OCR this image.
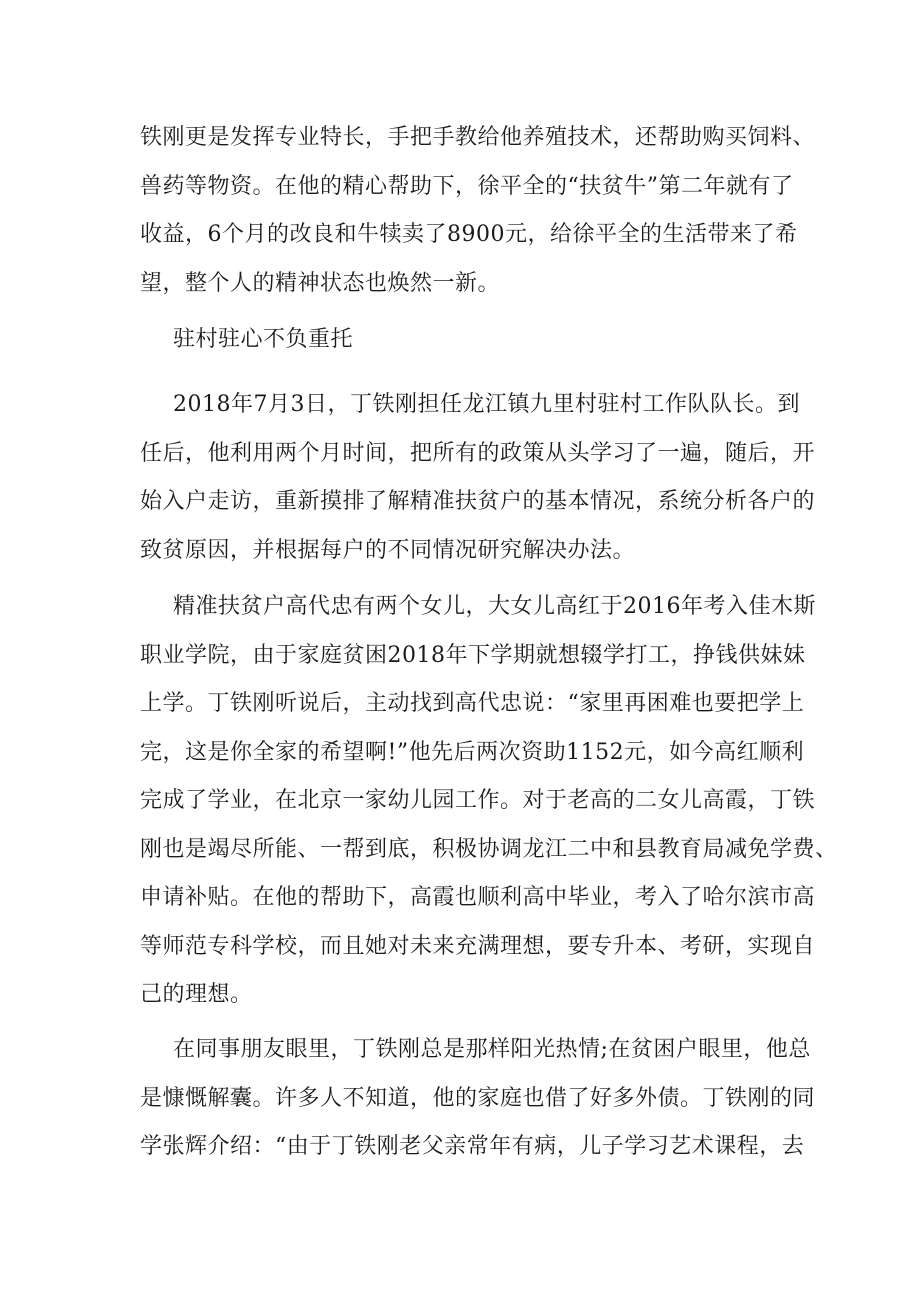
铁刚更是发挥专业特长，手把手教给他养殖技术，还帮助购买饲料、
兽药等物资。在他的精心帮助下，徐平全的“扶贫牛”第二年就有了
收益，6个月的改良和牛犊卖了8900元，给徐平全的生活带来了希
望，整个人的精神状态也焕然一新。
驻村驻心不负重托
2018年7月3日，丁铁刚担任龙江镇九里村驻村工作队队长。到
任后，他利用两个月时间，把所有的政策从头学习了一遍，随后，开
始入户走访，重新摸排了解精准扶贫户的基本情况，系统分析各户的
致贫原因，并根据每户的不同情况研究解决办法。
精准扶贫户高代忠有两个女儿，大女儿高红于2016年考入佳木斯
职业学院，由于家庭贫困2018年下学期就想辍学打工，挣钱供妹妹
上学。丁铁刚听说后，主动找到高代忠说：“家里再困难也要把学上
完，这是你全家的希望啊!”他先后两次资助1152元，如今高红顺利
完成了学业，在北京一家幼儿园工作。对于老高的二女儿高霞，丁铁
刚也是竭尽所能、一帮到底，积极协调龙江二中和县教育局减免学费、
申请补贴。在他的帮助下，高霞也顺利高中毕业，考入了哈尔滨市高
等师范专科学校，而且她对未来充满理想，要专升本、考研，实现自
己的理想。
在同事朋友眼里，丁铁刚总是那样阳光热情;在贫困户眼里，他总
是慷慨解囊。许多人不知道，他的家庭也借了好多外债。丁铁刚的同
学张辉介绍：“由于丁铁刚老父亲常年有病，儿子学习艺术课程，去
